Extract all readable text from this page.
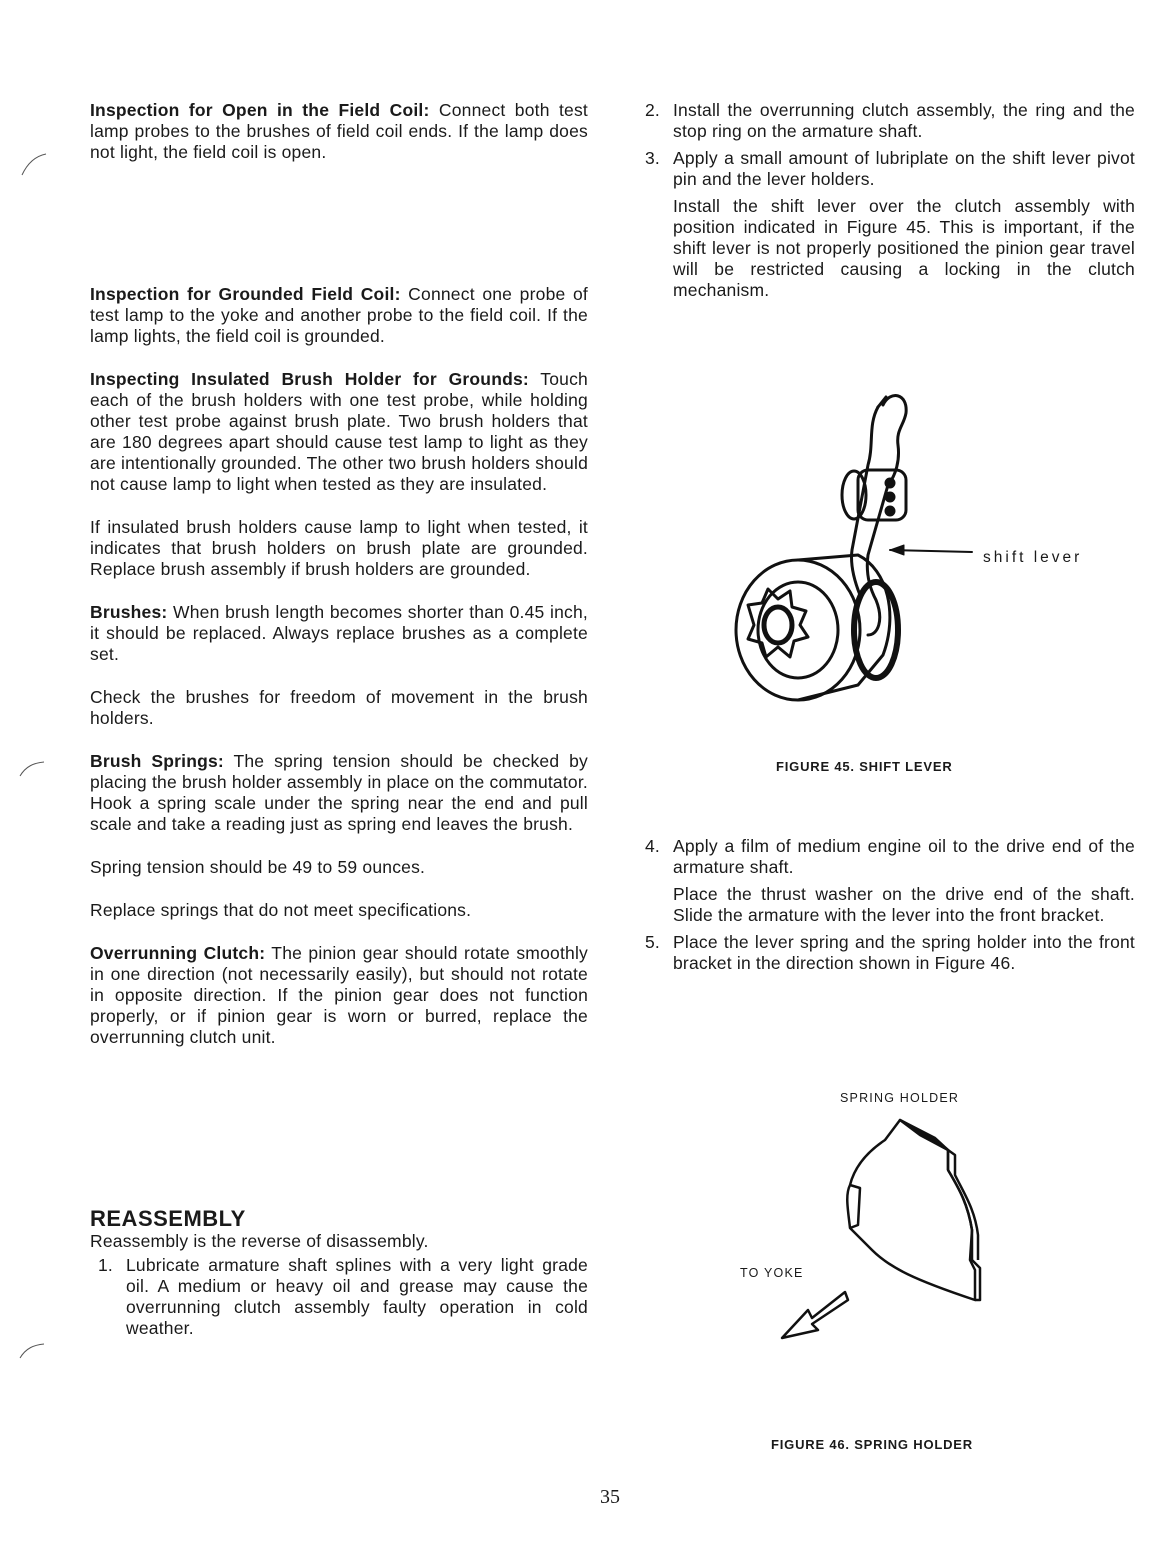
Inspection for Open in the Field Coil: Connect both test lamp probes to the brushes of field coil ends. If the lamp does not light, the field coil is open.

Inspection for Grounded Field Coil: Connect one probe of test lamp to the yoke and another probe to the field coil. If the lamp lights, the field coil is grounded.

Inspecting Insulated Brush Holder for Grounds: Touch each of the brush holders with one test probe, while holding other test probe against brush plate. Two brush holders that are 180 degrees apart should cause test lamp to light as they are intentionally grounded. The other two brush holders should not cause lamp to light when tested as they are insulated.

If insulated brush holders cause lamp to light when tested, it indicates that brush holders on brush plate are grounded. Replace brush assembly if brush holders are grounded.

Brushes: When brush length becomes shorter than 0.45 inch, it should be replaced. Always replace brushes as a complete set.

Check the brushes for freedom of movement in the brush holders.

Brush Springs: The spring tension should be checked by placing the brush holder assembly in place on the commutator. Hook a spring scale under the spring near the end and pull scale and take a reading just as spring end leaves the brush.

Spring tension should be 49 to 59 ounces.

Replace springs that do not meet specifications.

Overrunning Clutch: The pinion gear should rotate smoothly in one direction (not necessarily easily), but should not rotate in opposite direction. If the pinion gear does not function properly, or if pinion gear is worn or burred, replace the overrunning clutch unit.

REASSEMBLY

Reassembly is the reverse of disassembly.

1. Lubricate armature shaft splines with a very light grade oil. A medium or heavy oil and grease may cause the overrunning clutch assembly faulty operation in cold weather.
2. Install the overrunning clutch assembly, the ring and the stop ring on the armature shaft.
3. Apply a small amount of lubriplate on the shift lever pivot pin and the lever holders.

Install the shift lever over the clutch assembly with position indicated in Figure 45. This is important, if the shift lever is not properly positioned the pinion gear travel will be restricted causing a locking in the clutch mechanism.

shift lever
FIGURE 45. SHIFT LEVER
4. Apply a film of medium engine oil to the drive end of the armature shaft.

Place the thrust washer on the drive end of the shaft. Slide the armature with the lever into the front bracket.

5. Place the lever spring and the spring holder into the front bracket in the direction shown in Figure 46.
SPRING HOLDER
TO YOKE
FIGURE 46. SPRING HOLDER
35
